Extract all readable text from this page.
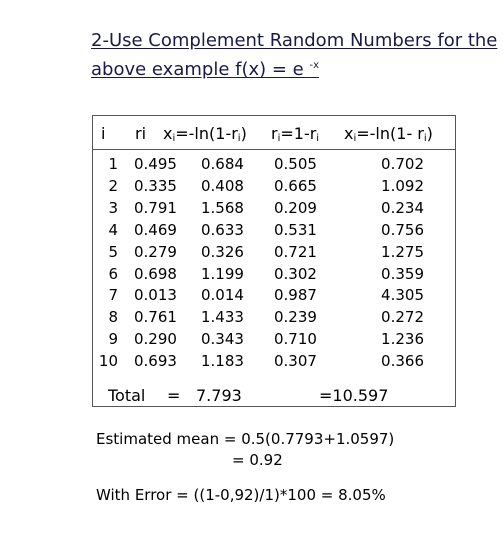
2-Use Complement Random Numbers for the
above example f(x) = e $^{-x}$
i ri $x_i=-\ln(1-r_i)$ $r_i=1-r_i$ $x_i=-\ln(1-$ $r_i$)
1
2
3
4
5
6
7
8
9
10
0.495
0.335
0.791
0.469
0.279
0.698
0.013
0.761
0.290
0.693
0.684
0.408
1.568
0.633
0.326
1.199
0.014
1.433
0.343
1.183
0.505
0.665
0.209
0.531
0.721
0.302
0.987
0.239
0.710
0.307
0.702
1.092
0.234
0.756
1.275
0.359
4.305
0.272
1.236
0.366
Total = 7.793	=10.597
Estimated mean = 0.5(0.7793+1.0597)
= 0.92
With Error = ((1-0,92)/1)*100 = 8.05%
